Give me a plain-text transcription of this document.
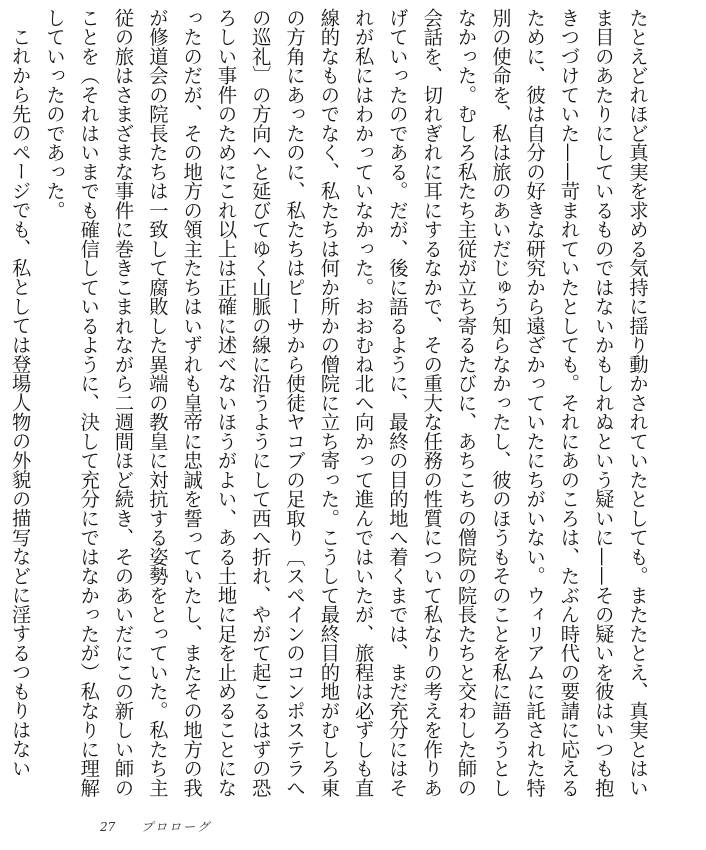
たとえどれほど真実を求める気持に揺り動かされていたとしても。またたとえ、真実とはいま目のあたりにしているものではないかもしれぬという疑いに——その疑いを彼はいつも抱きつづけていた——苛まれていたとしても。それにあのころは、たぶん時代の要請に応えるために、彼は自分の好きな研究から遠ざかっていたにちがいない。ウィリアムに託された特別の使命を、私は旅のあいだじゅう知らなかったし、彼のほうもそのことを私に語ろうとしなかった。むしろ私たち主従が立ち寄るたびに、あちこちの僧院の院長たちと交わした師の会話を、切れぎれに耳にするなかで、その重大な任務の性質について私なりの考えを作りあげていったのである。だが、後に語るように、最終の目的地へ着くまでは、まだ充分にはそれが私にはわかっていなかった。おおむね北へ向かって進んではいたが、旅程は必ずしも直線的なものでなく、私たちは何か所かの僧院に立ち寄った。こうして最終目的地がむしろ東の方角にあったのに、私たちはピーサから使徒ヤコブの足取り〔スペインのコンポステラへの巡礼〕の方向へと延びてゆく山脈の線に沿うようにして西へ折れ、やがて起こるはずの恐ろしい事件のためにこれ以上は正確に述べないほうがよい、ある土地に足を止めることになったのだが、その地方の領主たちはいずれも皇帝に忠誠を誓っていたし、またその地方の我が修道会の院長たちは一致して腐敗した異端の教皇に対抗する姿勢をとっていた。私たち主従の旅はさまざまな事件に巻きこまれながら二週間ほど続き、そのあいだにこの新しい師のことを（それはいまでも確信しているように、決して充分にではなかったが）私なりに理解していったのであった。

これから先のページでも、私としては登場人物の外貌の描写などに淫するつもりはない

27 プロローグ
